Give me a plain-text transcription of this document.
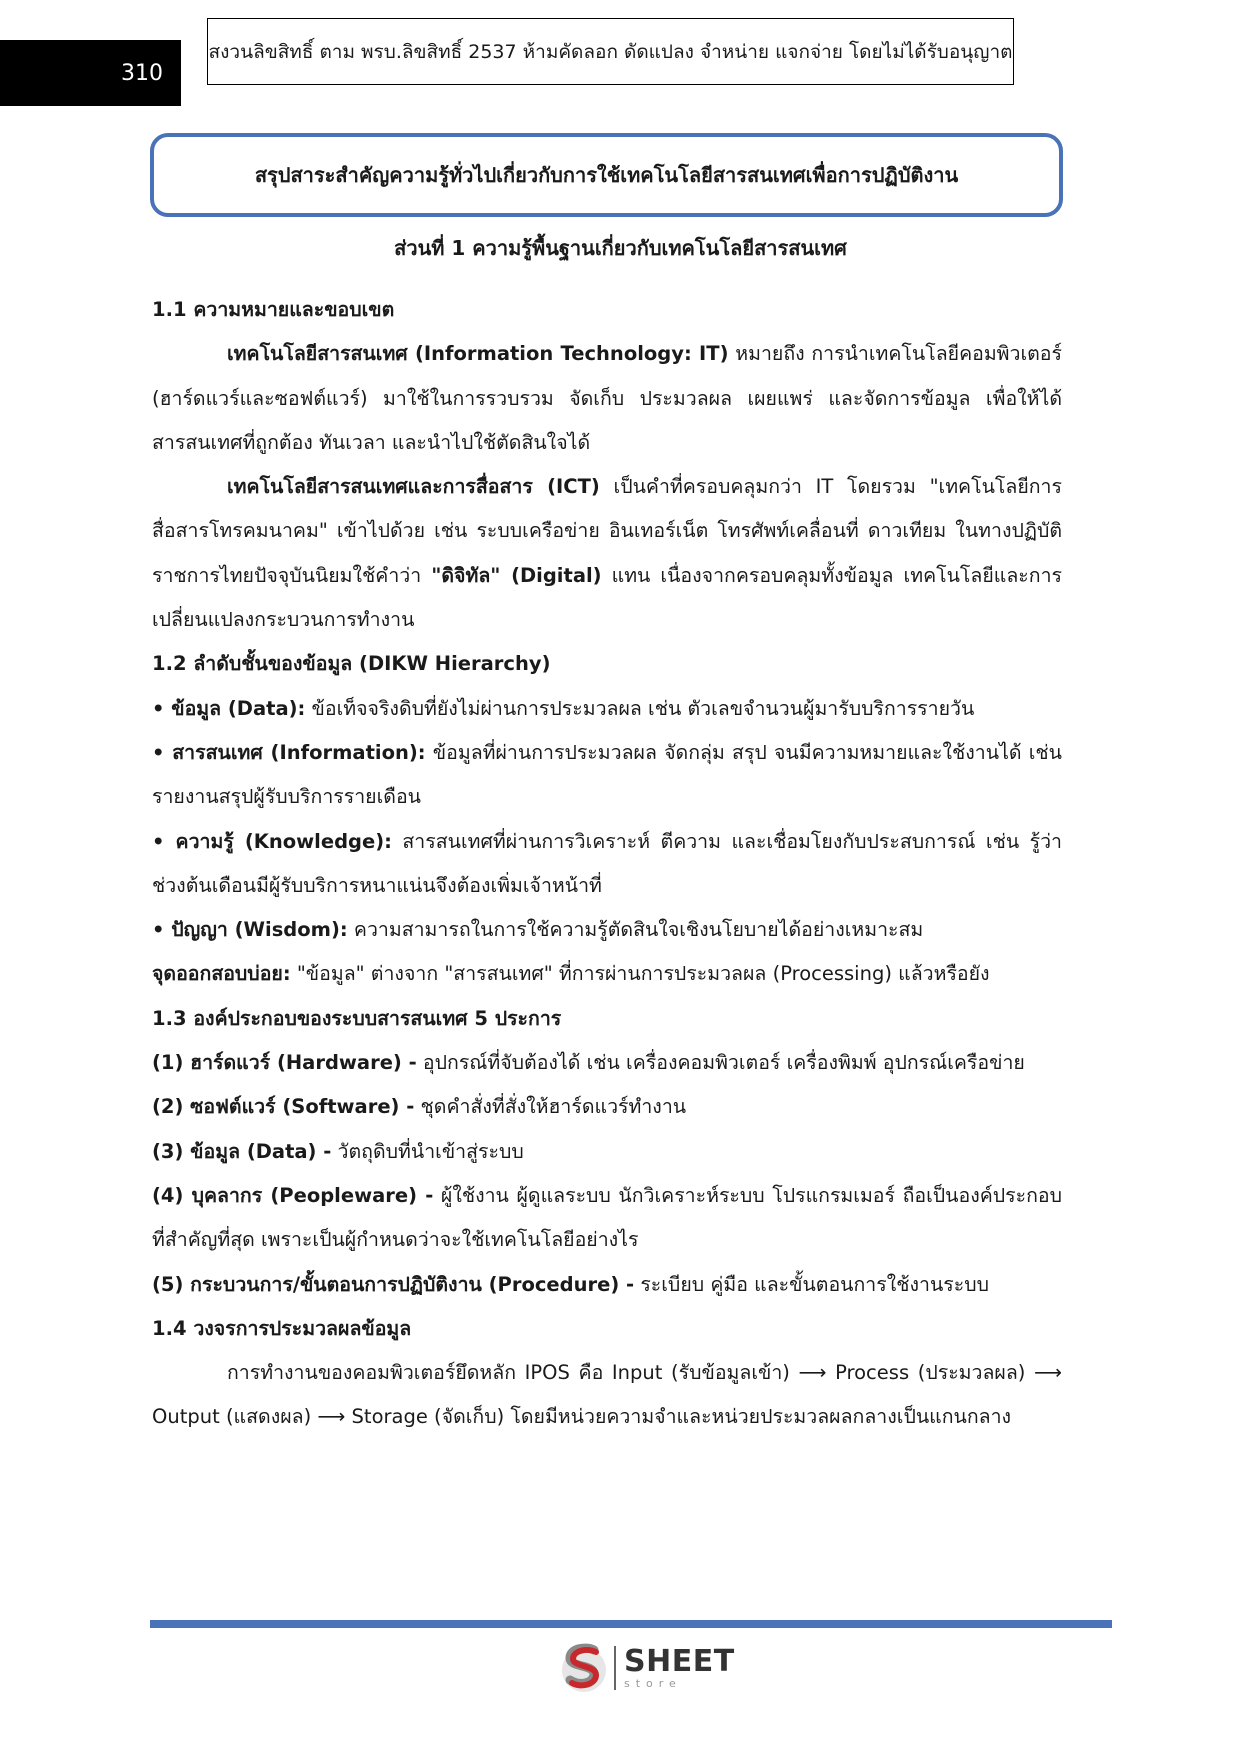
310
สงวนลิขสิทธิ์ ตาม พรบ.ลิขสิทธิ์ 2537 ห้ามคัดลอก ดัดแปลง จำหน่าย แจกจ่าย โดยไม่ได้รับอนุญาต
สรุปสาระสำคัญความรู้ทั่วไปเกี่ยวกับการใช้เทคโนโลยีสารสนเทศเพื่อการปฏิบัติงาน
ส่วนที่ 1 ความรู้พื้นฐานเกี่ยวกับเทคโนโลยีสารสนเทศ

1.1 ความหมายและขอบเขต

เทคโนโลยีสารสนเทศ (Information Technology: IT) หมายถึง การนำเทคโนโลยีคอมพิวเตอร์ (ฮาร์ดแวร์และซอฟต์แวร์) มาใช้ในการรวบรวม จัดเก็บ ประมวลผล เผยแพร่ และจัดการข้อมูล เพื่อให้ได้สารสนเทศที่ถูกต้อง ทันเวลา และนำไปใช้ตัดสินใจได้

เทคโนโลยีสารสนเทศและการสื่อสาร (ICT) เป็นคำที่ครอบคลุมกว่า IT โดยรวม "เทคโนโลยีการสื่อสารโทรคมนาคม" เข้าไปด้วย เช่น ระบบเครือข่าย อินเทอร์เน็ต โทรศัพท์เคลื่อนที่ ดาวเทียม ในทางปฏิบัติราชการไทยปัจจุบันนิยมใช้คำว่า "ดิจิทัล" (Digital) แทน เนื่องจากครอบคลุมทั้งข้อมูล เทคโนโลยีและการเปลี่ยนแปลงกระบวนการทำงาน

1.2 ลำดับชั้นของข้อมูล (DIKW Hierarchy)

• ข้อมูล (Data): ข้อเท็จจริงดิบที่ยังไม่ผ่านการประมวลผล เช่น ตัวเลขจำนวนผู้มารับบริการรายวัน

• สารสนเทศ (Information): ข้อมูลที่ผ่านการประมวลผล จัดกลุ่ม สรุป จนมีความหมายและใช้งานได้ เช่น รายงานสรุปผู้รับบริการรายเดือน

• ความรู้ (Knowledge): สารสนเทศที่ผ่านการวิเคราะห์ ตีความ และเชื่อมโยงกับประสบการณ์ เช่น รู้ว่าช่วงต้นเดือนมีผู้รับบริการหนาแน่นจึงต้องเพิ่มเจ้าหน้าที่

• ปัญญา (Wisdom): ความสามารถในการใช้ความรู้ตัดสินใจเชิงนโยบายได้อย่างเหมาะสม

จุดออกสอบบ่อย: "ข้อมูล" ต่างจาก "สารสนเทศ" ที่การผ่านการประมวลผล (Processing) แล้วหรือยัง

1.3 องค์ประกอบของระบบสารสนเทศ 5 ประการ

(1) ฮาร์ดแวร์ (Hardware) - อุปกรณ์ที่จับต้องได้ เช่น เครื่องคอมพิวเตอร์ เครื่องพิมพ์ อุปกรณ์เครือข่าย

(2) ซอฟต์แวร์ (Software) - ชุดคำสั่งที่สั่งให้ฮาร์ดแวร์ทำงาน

(3) ข้อมูล (Data) - วัตถุดิบที่นำเข้าสู่ระบบ

(4) บุคลากร (Peopleware) - ผู้ใช้งาน ผู้ดูแลระบบ นักวิเคราะห์ระบบ โปรแกรมเมอร์ ถือเป็นองค์ประกอบที่สำคัญที่สุด เพราะเป็นผู้กำหนดว่าจะใช้เทคโนโลยีอย่างไร

(5) กระบวนการ/ขั้นตอนการปฏิบัติงาน (Procedure) - ระเบียบ คู่มือ และขั้นตอนการใช้งานระบบ

1.4 วงจรการประมวลผลข้อมูล

การทำงานของคอมพิวเตอร์ยึดหลัก IPOS คือ Input (รับข้อมูลเข้า) ⟶ Process (ประมวลผล) ⟶ Output (แสดงผล) ⟶ Storage (จัดเก็บ) โดยมีหน่วยความจำและหน่วยประมวลผลกลางเป็นแกนกลาง

SHEET
store
